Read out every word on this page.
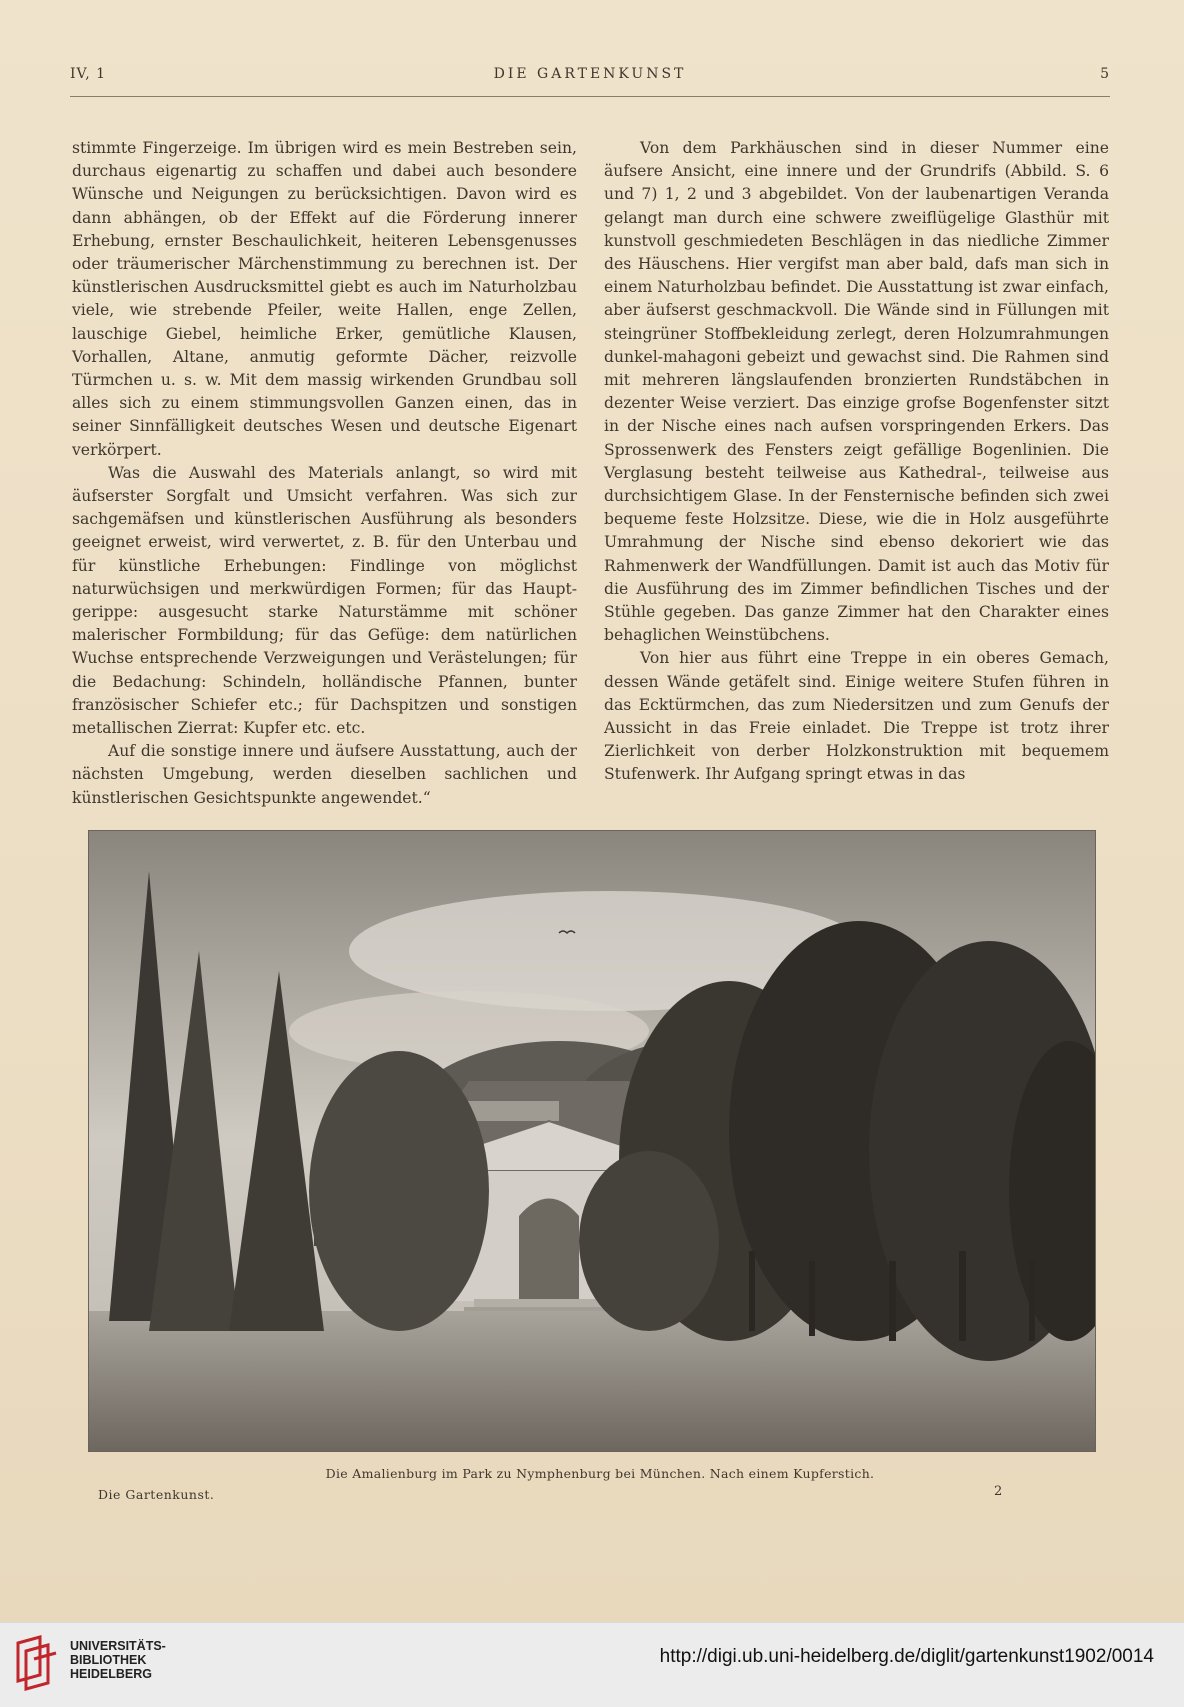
IV, 1	DIE GARTENKUNST	5

stimmte Fingerzeige. Im übrigen wird es mein Bestreben sein, durchaus eigenartig zu schaffen und dabei auch besondere Wünsche und Neigungen zu berücksichtigen. Davon wird es dann abhängen, ob der Effekt auf die Förderung innerer Erhebung, ernster Beschaulichkeit, heiteren Lebensgenusses oder träumerischer Märchenstimmung zu berechnen ist. Der künstlerischen Ausdrucksmittel giebt es auch im Naturholzbau viele, wie strebende Pfeiler, weite Hallen, enge Zellen, lauschige Giebel, heimliche Erker, gemütliche Klausen, Vorhallen, Altane, anmutig geformte Dächer, reizvolle Türmchen u. s. w. Mit dem massig wirkenden Grundbau soll alles sich zu einem stimmungsvollen Ganzen einen, das in seiner Sinnfälligkeit deutsches Wesen und deutsche Eigenart verkörpert.

Was die Auswahl des Materials anlangt, so wird mit äufserster Sorgfalt und Umsicht verfahren. Was sich zur sachgemäfsen und künstlerischen Ausführung als besonders geeignet erweist, wird verwertet, z. B. für den Unterbau und für künstliche Erhebungen: Findlinge von möglichst naturwüchsigen und merkwürdigen Formen; für das Hauptgerippe: ausgesucht starke Naturstämme mit schöner malerischer Formbildung; für das Gefüge: dem natürlichen Wuchse entsprechende Verzweigungen und Verästelungen; für die Bedachung: Schindeln, holländische Pfannen, bunter französischer Schiefer etc.; für Dachspitzen und sonstigen metallischen Zierrat: Kupfer etc. etc.

Auf die sonstige innere und äufsere Ausstattung, auch der nächsten Umgebung, werden dieselben sachlichen und künstlerischen Gesichtspunkte angewendet.“

Von dem Parkhäuschen sind in dieser Nummer eine äufsere Ansicht, eine innere und der Grundrifs (Abbild. S. 6 und 7) 1, 2 und 3 abgebildet. Von der laubenartigen Veranda gelangt man durch eine schwere zweiflügelige Glasthür mit kunstvoll geschmiedeten Beschlägen in das niedliche Zimmer des Häuschens. Hier vergifst man aber bald, dafs man sich in einem Naturholzbau befindet. Die Ausstattung ist zwar einfach, aber äufserst geschmackvoll. Die Wände sind in Füllungen mit steingrüner Stoffbekleidung zerlegt, deren Holzumrahmungen dunkel-mahagoni gebeizt und gewachst sind. Die Rahmen sind mit mehreren längslaufenden bronzierten Rundstäbchen in dezenter Weise verziert. Das einzige grofse Bogenfenster sitzt in der Nische eines nach aufsen vorspringenden Erkers. Das Sprossenwerk des Fensters zeigt gefällige Bogenlinien. Die Verglasung besteht teilweise aus Kathedral-, teilweise aus durchsichtigem Glase. In der Fensternische befinden sich zwei bequeme feste Holzsitze. Diese, wie die in Holz ausgeführte Umrahmung der Nische sind ebenso dekoriert wie das Rahmenwerk der Wandfüllungen. Damit ist auch das Motiv für die Ausführung des im Zimmer befindlichen Tisches und der Stühle gegeben. Das ganze Zimmer hat den Charakter eines behaglichen Weinstübchens.

Von hier aus führt eine Treppe in ein oberes Gemach, dessen Wände getäfelt sind. Einige weitere Stufen führen in das Ecktürmchen, das zum Niedersitzen und zum Genufs der Aussicht in das Freie einladet. Die Treppe ist trotz ihrer Zierlichkeit von derber Holzkonstruktion mit bequemem Stufenwerk. Ihr Aufgang springt etwas in das

Die Amalienburg im Park zu Nymphenburg bei München. Nach einem Kupferstich.
Die Gartenkunst.	2
UNIVERSITÄTS-
BIBLIOTHEK
HEIDELBERG
http://digi.ub.uni-heidelberg.de/diglit/gartenkunst1902/0014
